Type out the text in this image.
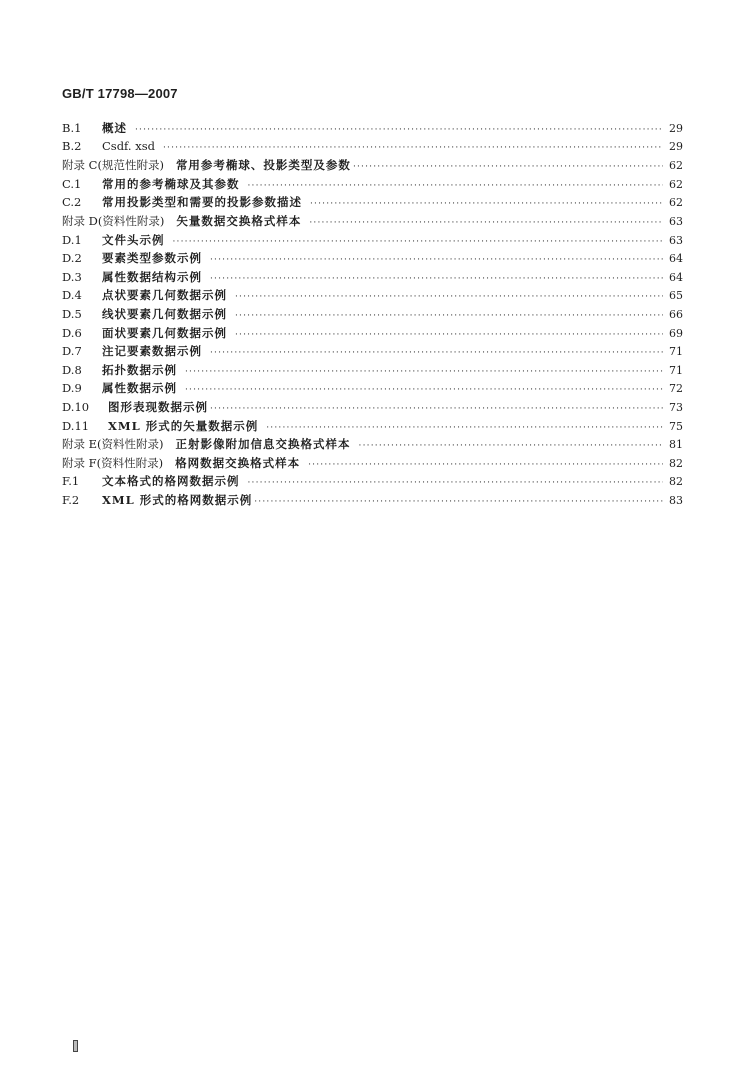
GB/T 17798—2007
B.1	概述 ·····	29
B.2	Csdf. xsd ·····	29
附录 C(规范性附录) 常用参考椭球、投影类型及参数 ·····	62
C.1	常用的参考椭球及其参数 ·····	62
C.2	常用投影类型和需要的投影参数描述 ·····	62
附录 D(资料性附录) 矢量数据交换格式样本 ·····	63
D.1	文件头示例 ·····	63
D.2	要素类型参数示例 ·····	64
D.3	属性数据结构示例 ·····	64
D.4	点状要素几何数据示例 ·····	65
D.5	线状要素几何数据示例 ·····	66
D.6	面状要素几何数据示例 ·····	69
D.7	注记要素数据示例 ·····	71
D.8	拓扑数据示例 ·····	71
D.9	属性数据示例 ·····	72
D.10	图形表现数据示例 ·····	73
D.11	XML 形式的矢量数据示例 ·····	75
附录 E(资料性附录) 正射影像附加信息交换格式样本 ·····	81
附录 F(资料性附录) 格网数据交换格式样本 ·····	82
F.1	文本格式的格网数据示例 ·····	82
F.2	XML 形式的格网数据示例 ·····	83
